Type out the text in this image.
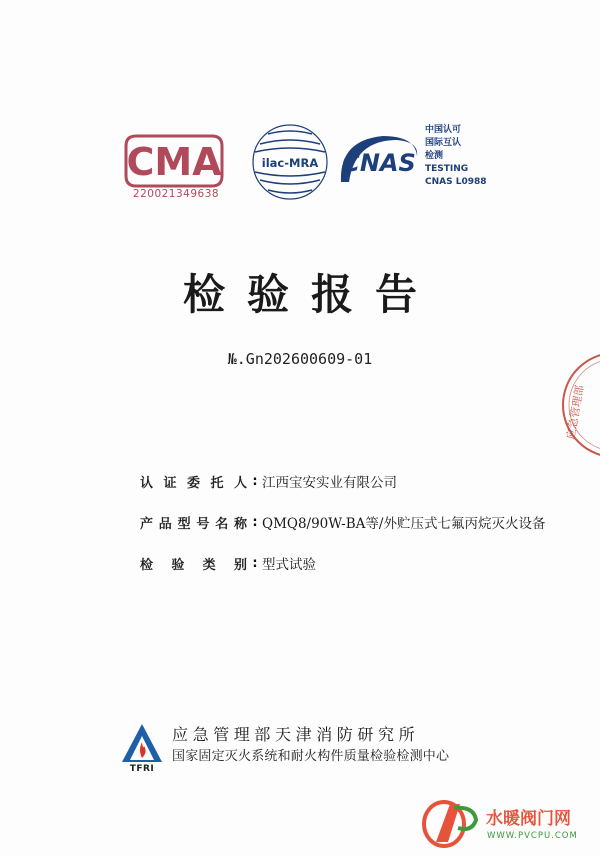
CMA
220021349638
ilac-MRA CNAS
中国认可
国际互认
检测
TESTING
CNAS L0988
检验报告
№.Gn202600609-01
认证委托人 : 江西宝安实业有限公司
产品型号名称 : QMQ8/90W-BA等/外贮压式七氟丙烷灭火设备
检验类别 : 型式试验
应急管理部
TFRI
应急管理部天津消防研究所
国家固定灭火系统和耐火构件质量检验检测中心
水暖阀门网
WWW.PVCPU.COM
